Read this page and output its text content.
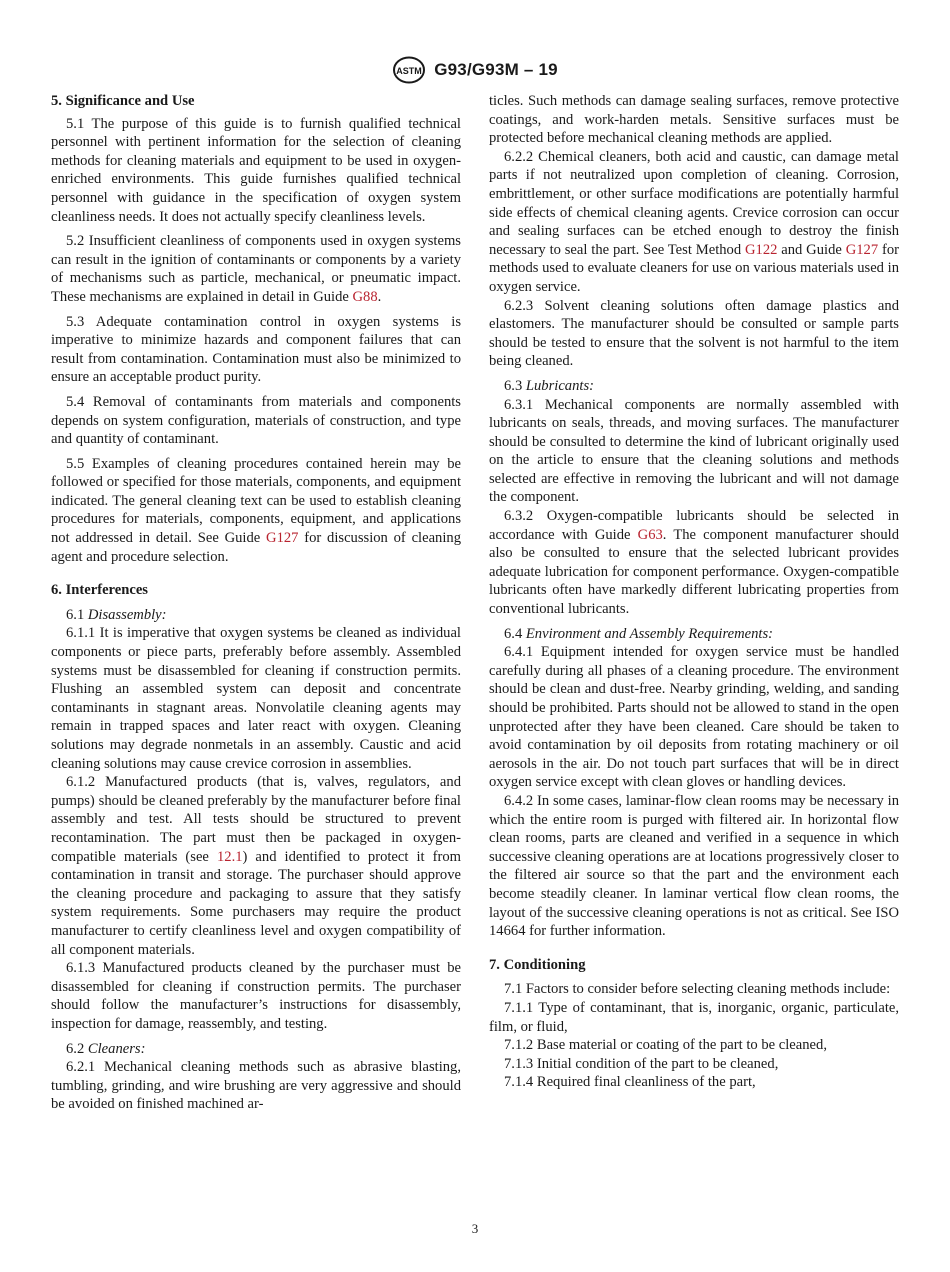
ASTM G93/G93M – 19
5. Significance and Use

5.1 The purpose of this guide is to furnish qualified technical personnel with pertinent information for the selection of cleaning methods for cleaning materials and equipment to be used in oxygen-enriched environments. This guide furnishes qualified technical personnel with guidance in the specification of oxygen system cleanliness needs. It does not actually specify cleanliness levels.

5.2 Insufficient cleanliness of components used in oxygen systems can result in the ignition of contaminants or components by a variety of mechanisms such as particle, mechanical, or pneumatic impact. These mechanisms are explained in detail in Guide G88.

5.3 Adequate contamination control in oxygen systems is imperative to minimize hazards and component failures that can result from contamination. Contamination must also be minimized to ensure an acceptable product purity.

5.4 Removal of contaminants from materials and components depends on system configuration, materials of construction, and type and quantity of contaminant.

5.5 Examples of cleaning procedures contained herein may be followed or specified for those materials, components, and equipment indicated. The general cleaning text can be used to establish cleaning procedures for materials, components, equipment, and applications not addressed in detail. See Guide G127 for discussion of cleaning agent and procedure selection.

6. Interferences

6.1 Disassembly:

6.1.1 It is imperative that oxygen systems be cleaned as individual components or piece parts, preferably before assembly. Assembled systems must be disassembled for cleaning if construction permits. Flushing an assembled system can deposit and concentrate contaminants in stagnant areas. Nonvolatile cleaning agents may remain in trapped spaces and later react with oxygen. Cleaning solutions may degrade nonmetals in an assembly. Caustic and acid cleaning solutions may cause crevice corrosion in assemblies.

6.1.2 Manufactured products (that is, valves, regulators, and pumps) should be cleaned preferably by the manufacturer before final assembly and test. All tests should be structured to prevent recontamination. The part must then be packaged in oxygen-compatible materials (see 12.1) and identified to protect it from contamination in transit and storage. The purchaser should approve the cleaning procedure and packaging to assure that they satisfy system requirements. Some purchasers may require the product manufacturer to certify cleanliness level and oxygen compatibility of all component materials.

6.1.3 Manufactured products cleaned by the purchaser must be disassembled for cleaning if construction permits. The purchaser should follow the manufacturer’s instructions for disassembly, inspection for damage, reassembly, and testing.

6.2 Cleaners:

6.2.1 Mechanical cleaning methods such as abrasive blasting, tumbling, grinding, and wire brushing are very aggressive and should be avoided on finished machined ar-

ticles. Such methods can damage sealing surfaces, remove protective coatings, and work-harden metals. Sensitive surfaces must be protected before mechanical cleaning methods are applied.

6.2.2 Chemical cleaners, both acid and caustic, can damage metal parts if not neutralized upon completion of cleaning. Corrosion, embrittlement, or other surface modifications are potentially harmful side effects of chemical cleaning agents. Crevice corrosion can occur and sealing surfaces can be etched enough to destroy the finish necessary to seal the part. See Test Method G122 and Guide G127 for methods used to evaluate cleaners for use on various materials used in oxygen service.

6.2.3 Solvent cleaning solutions often damage plastics and elastomers. The manufacturer should be consulted or sample parts should be tested to ensure that the solvent is not harmful to the item being cleaned.

6.3 Lubricants:

6.3.1 Mechanical components are normally assembled with lubricants on seals, threads, and moving surfaces. The manufacturer should be consulted to determine the kind of lubricant originally used on the article to ensure that the cleaning solutions and methods selected are effective in removing the lubricant and will not damage the component.

6.3.2 Oxygen-compatible lubricants should be selected in accordance with Guide G63. The component manufacturer should also be consulted to ensure that the selected lubricant provides adequate lubrication for component performance. Oxygen-compatible lubricants often have markedly different lubricating properties from conventional lubricants.

6.4 Environment and Assembly Requirements:

6.4.1 Equipment intended for oxygen service must be handled carefully during all phases of a cleaning procedure. The environment should be clean and dust-free. Nearby grinding, welding, and sanding should be prohibited. Parts should not be allowed to stand in the open unprotected after they have been cleaned. Care should be taken to avoid contamination by oil deposits from rotating machinery or oil aerosols in the air. Do not touch part surfaces that will be in direct oxygen service except with clean gloves or handling devices.

6.4.2 In some cases, laminar-flow clean rooms may be necessary in which the entire room is purged with filtered air. In horizontal flow clean rooms, parts are cleaned and verified in a sequence in which successive cleaning operations are at locations progressively closer to the filtered air source so that the part and the environment each become steadily cleaner. In laminar vertical flow clean rooms, the layout of the successive cleaning operations is not as critical. See ISO 14664 for further information.

7. Conditioning

7.1 Factors to consider before selecting cleaning methods include:

7.1.1 Type of contaminant, that is, inorganic, organic, particulate, film, or fluid,

7.1.2 Base material or coating of the part to be cleaned,

7.1.3 Initial condition of the part to be cleaned,

7.1.4 Required final cleanliness of the part,

3
